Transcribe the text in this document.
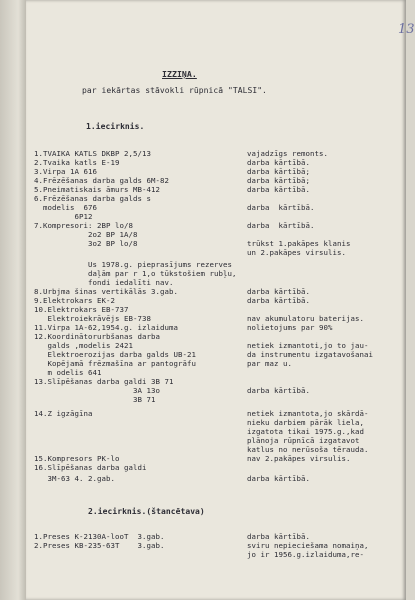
13
IZZIŅA.
par iekārtas stāvokli rūpnicā "TALSI".
1.iecirknis.
1.TVAIKA KATLS DKBP 2,5/13	vajadzīgs remonts.
2.Tvaika katls E-19	darba kārtībā.
3.Virpa 1A 616	darba kārtībā;
4.Frēzēšanas darba galds 6M-82	darba kārtībā;
5.Pneimatiskais āmurs MB-412	darba kārtībā.
6.Frēzēšanas darba galds s
modelis  676	darba  kārtībā.
6P12
7.Kompresori: 2BP lo/8	darba  kārtībā.
2o2 BP 1A/8
3o2 BP lo/8	trūkst 1.pakāpes klanis
un 2.pakāpes virsulis.
Us 1978.g. pieprasījums rezerves
daļām par r 1,o tūkstošiem rubļu,
fondi iedalīti nav.
8.Urbjma šinas vertikālās 3.gab.	darba kārtībā.
9.Elektrokars EK-2	darba kārtībā.
10.Elektrokars EB-737
Elektroiekrāvējs EB-738	nav akumulatoru baterijas.
11.Virpa 1A-62,1954.g. izlaiduma	nolietojums par 90%
12.Koordinātorurbšanas darba
galds ,modelis 2421	netiek izmantoti,jo to jau-
Elektroerozijas darba galds UB-21	da instrumentu izgatavošanai
Kopējamā frēzmašīna ar pantogrāfu	par maz u.
m odelis 641
13.Slīpēšanas darba galdi 3B 71
3A 13o	darba kārtībā.
3B 71
14.Z igzāgīna	netiek izmantota,jo skārdā-
nieku darbiem pārāk liela,
izgatota tikai 1975.g.,kad
plānoja rūpnīcā izgatavot
katlus no nerūsoša tērauda.
15.Kompresors PK-lo	nav 2.pakāpes virsulis.
16.Slīpēšanas darba galdi
3M-63 4. 2.gab.	darba kārtībā.
2.iecirknis.(štancētava)
1.Preses K-2130A-looT  3.gab.	darba kārtībā.
2.Preses KB-235-63T    3.gab.	sviru nepieciešama nomaiņa,
jo ir 1956.g.izlaiduma,re-
